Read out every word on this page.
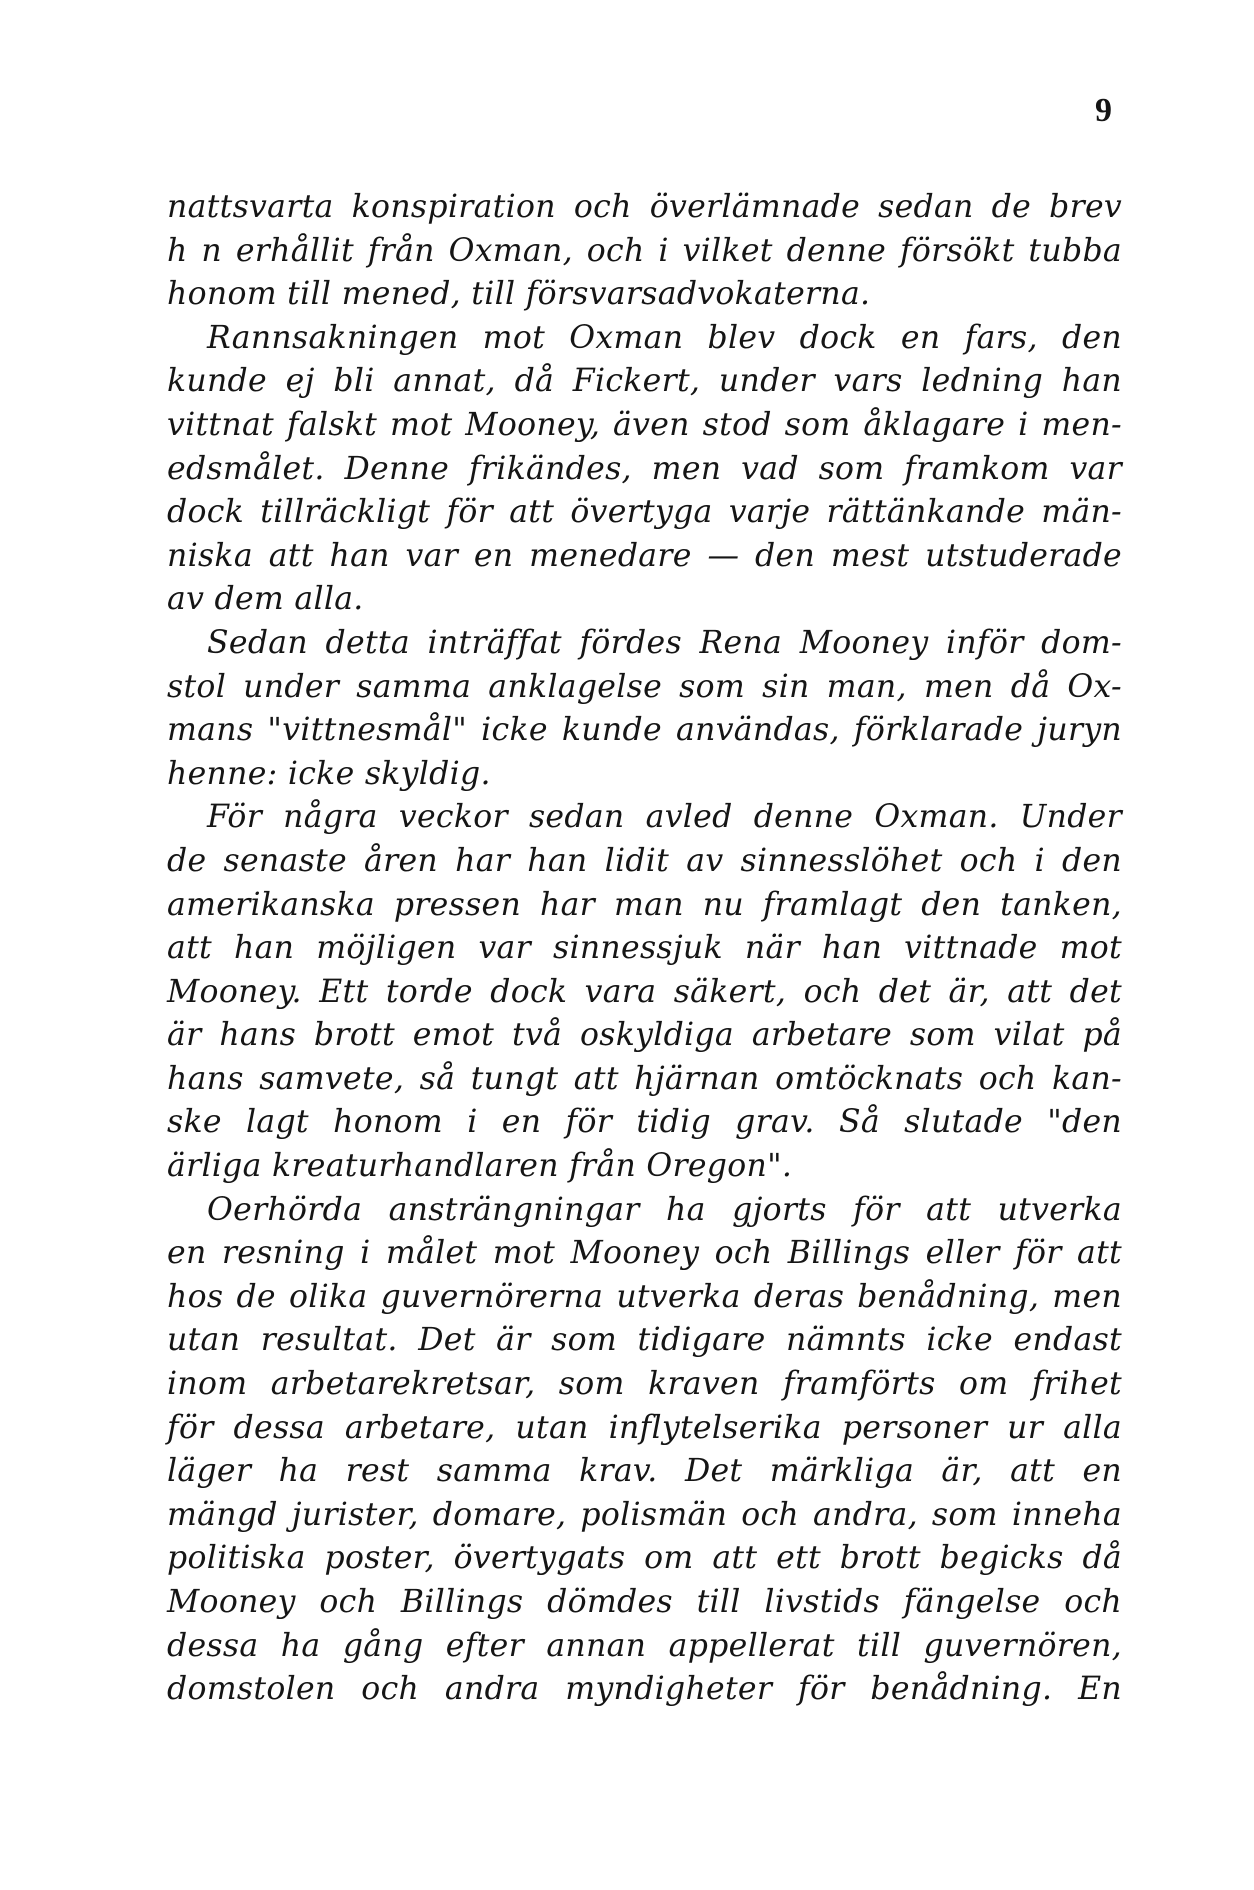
9
nattsvarta konspiration och överlämnade sedan de brev
h n erhållit från Oxman, och i vilket denne försökt tubba
honom till mened, till försvarsadvokaterna.
Rannsakningen mot Oxman blev dock en fars, den
kunde ej bli annat, då Fickert, under vars ledning han
vittnat falskt mot Mooney, även stod som åklagare i men-
edsmålet. Denne frikändes, men vad som framkom var
dock tillräckligt för att övertyga varje rättänkande män-
niska att han var en menedare — den mest utstuderade
av dem alla.
Sedan detta inträffat fördes Rena Mooney inför dom-
stol under samma anklagelse som sin man, men då Ox-
mans "vittnesmål" icke kunde användas, förklarade juryn
henne: icke skyldig.
För några veckor sedan avled denne Oxman. Under
de senaste åren har han lidit av sinnesslöhet och i den
amerikanska pressen har man nu framlagt den tanken,
att han möjligen var sinnessjuk när han vittnade mot
Mooney. Ett torde dock vara säkert, och det är, att det
är hans brott emot två oskyldiga arbetare som vilat på
hans samvete, så tungt att hjärnan omtöcknats och kan-
ske lagt honom i en för tidig grav. Så slutade "den
ärliga kreaturhandlaren från Oregon".
Oerhörda ansträngningar ha gjorts för att utverka
en resning i målet mot Mooney och Billings eller för att
hos de olika guvernörerna utverka deras benådning, men
utan resultat. Det är som tidigare nämnts icke endast
inom arbetarekretsar, som kraven framförts om frihet
för dessa arbetare, utan inflytelserika personer ur alla
läger ha rest samma krav. Det märkliga är, att en
mängd jurister, domare, polismän och andra, som inneha
politiska poster, övertygats om att ett brott begicks då
Mooney och Billings dömdes till livstids fängelse och
dessa ha gång efter annan appellerat till guvernören,
domstolen och andra myndigheter för benådning. En
